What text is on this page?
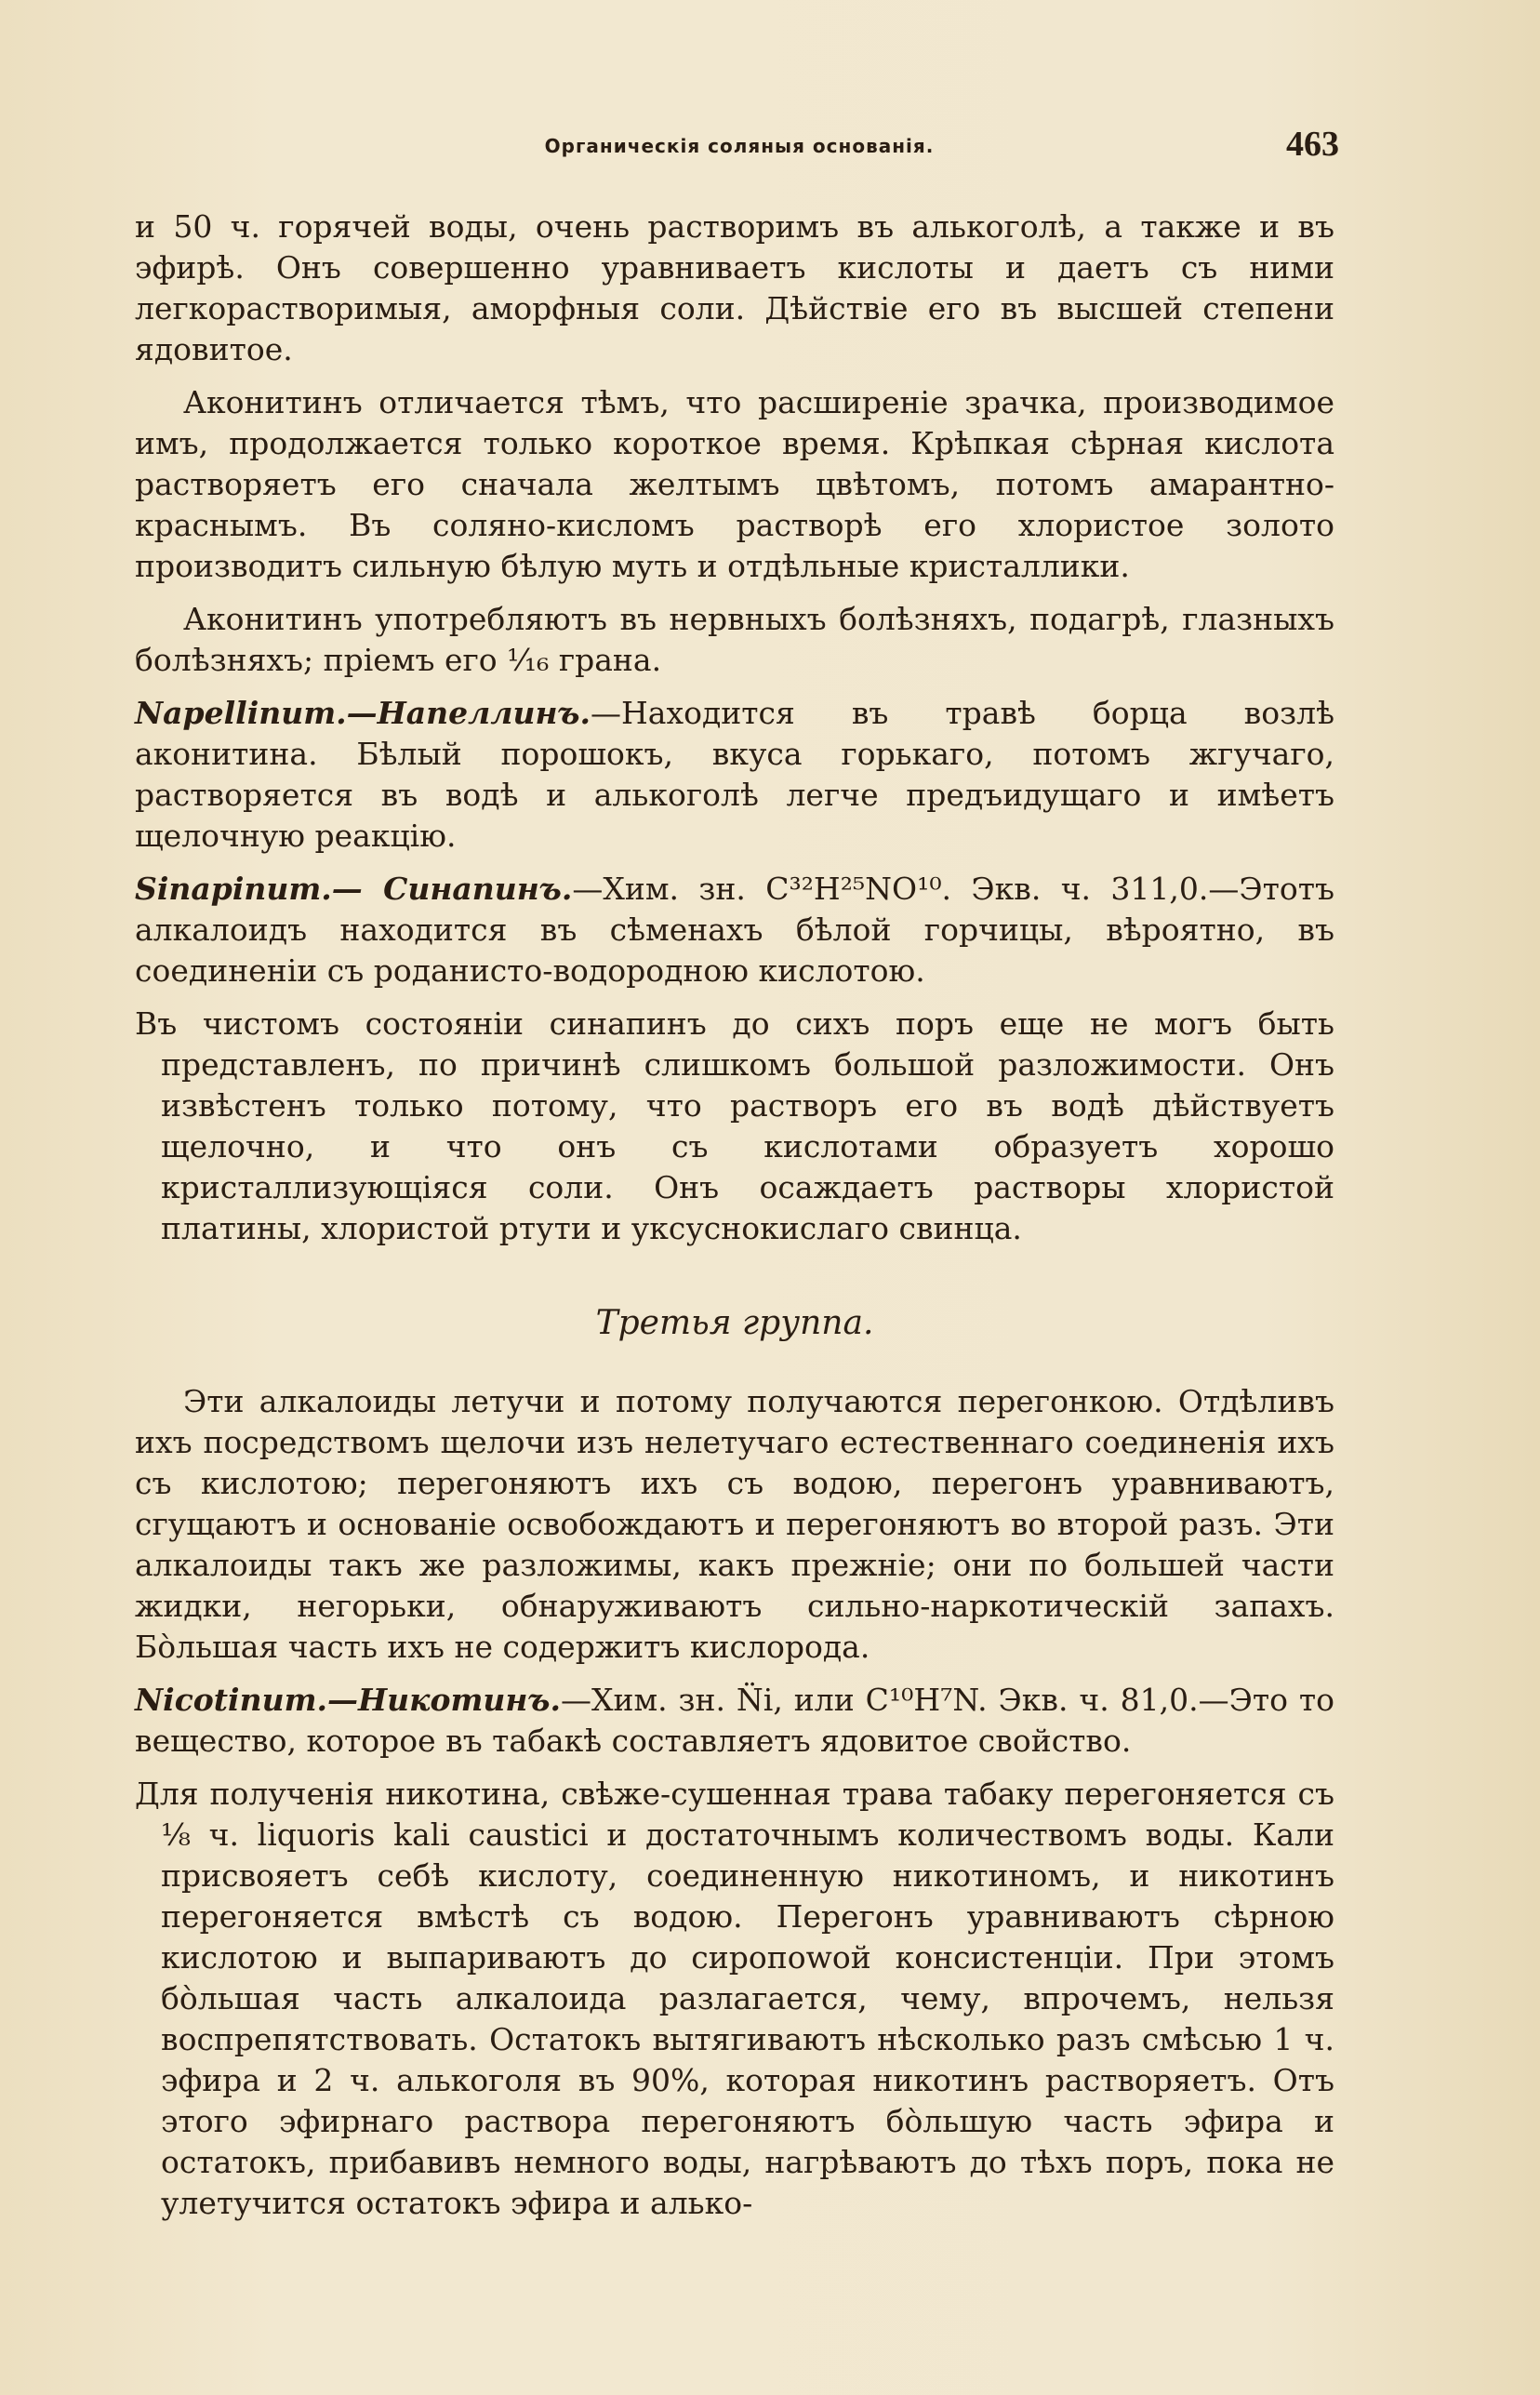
Органическія соляныя основанія.	463

и 50 ч. горячей воды, очень растворимъ въ алькоголѣ, а также и въ эфирѣ. Онъ совершенно уравниваетъ кислоты и даетъ съ ними легкорастворимыя, аморфныя соли. Дѣйствіе его въ высшей степени ядовитое.

Аконитинъ отличается тѣмъ, что расширеніе зрачка, производимое имъ, продолжается только короткое время. Крѣпкая сѣрная кислота растворяетъ его сначала желтымъ цвѣтомъ, потомъ амарантно-краснымъ. Въ соляно-кисломъ растворѣ его хлористое золото производитъ сильную бѣлую муть и отдѣльные кристаллики.

Аконитинъ употребляютъ въ нервныхъ болѣзняхъ, подагрѣ, глазныхъ болѣзняхъ; пріемъ его ¹⁄₁₆ грана.

Napellinum.—Напеллинъ.—Находится въ травѣ борца возлѣ аконитина. Бѣлый порошокъ, вкуса горькаго, потомъ жгучаго, растворяется въ водѣ и алькоголѣ легче предъидущаго и имѣетъ щелочную реакцію.

Sinapinum.— Синапинъ.—Хим. зн. C³²H²⁵NO¹⁰. Экв. ч. 311,0.—Этотъ алкалоидъ находится въ сѣменахъ бѣлой горчицы, вѣроятно, въ соединеніи съ роданисто-водородною кислотою.

Въ чистомъ состояніи синапинъ до сихъ поръ еще не могъ быть представленъ, по причинѣ слишкомъ большой разложимости. Онъ извѣстенъ только потому, что растворъ его въ водѣ дѣйствуетъ щелочно, и что онъ съ кислотами образуетъ хорошо кристаллизующіяся соли. Онъ осаждаетъ растворы хлористой платины, хлористой ртути и уксуснокислаго свинца.

Третья группа.

Эти алкалоиды летучи и потому получаются перегонкою. Отдѣливъ ихъ посредствомъ щелочи изъ нелетучаго естественнаго соединенія ихъ съ кислотою; перегоняютъ ихъ съ водою, перегонъ уравниваютъ, сгущаютъ и основаніе освобождаютъ и перегоняютъ во второй разъ. Эти алкалоиды такъ же разложимы, какъ прежніе; они по большей части жидки, негорьки, обнаруживаютъ сильно-наркотическій запахъ. Бо̀льшая часть ихъ не содержитъ кислорода.

Nicotinum.—Никотинъ.—Хим. зн. N̈i, или C¹⁰H⁷N. Экв. ч. 81,0.—Это то вещество, которое въ табакѣ составляетъ ядовитое свойство.

Для полученія никотина, свѣже-сушенная трава табаку перегоняется съ ¹⁄₈ ч. liquoris kali caustici и достаточнымъ количествомъ воды. Кали присвояетъ себѣ кислоту, соединенную никотиномъ, и никотинъ перегоняется вмѣстѣ съ водою. Перегонъ уравниваютъ сѣрною кислотою и выпариваютъ до сиропowой консистенціи. При этомъ бо̀льшая часть алкалоида разлагается, чему, впрочемъ, нельзя воспрепятствовать. Остатокъ вытягиваютъ нѣсколько разъ смѣсью 1 ч. эфира и 2 ч. алькоголя въ 90%, которая никотинъ растворяетъ. Отъ этого эфирнаго раствора перегоняютъ бо̀льшую часть эфира и остатокъ, прибавивъ немного воды, нагрѣваютъ до тѣхъ поръ, пока не улетучится остатокъ эфира и алько-
